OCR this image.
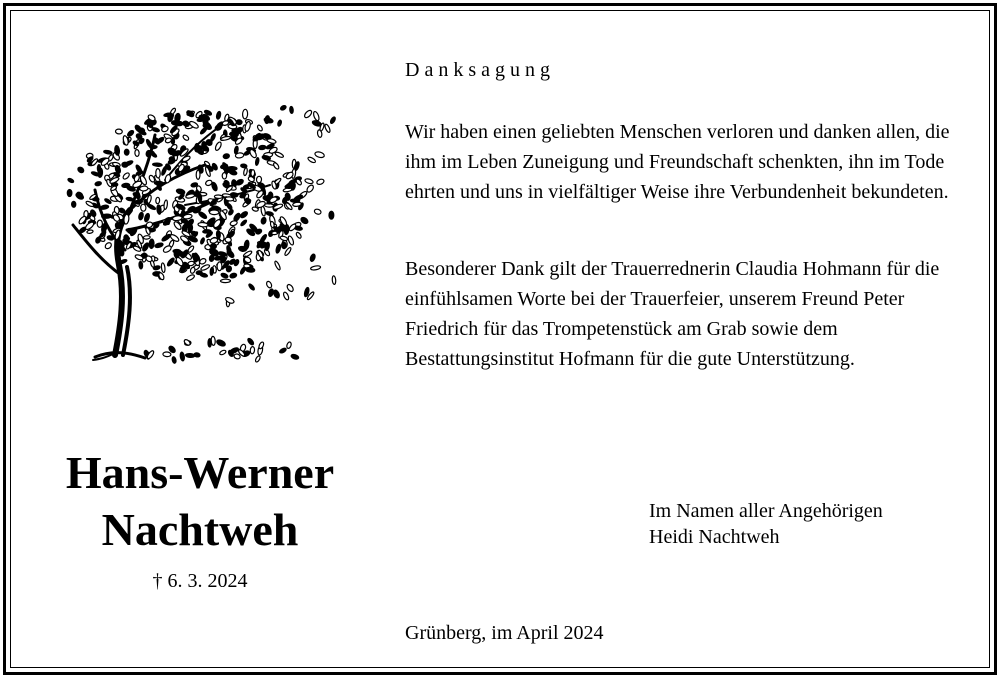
Hans-Werner
Nachtweh
† 6. 3. 2024
Danksagung

Wir haben einen geliebten Menschen verloren und danken allen, die ihm im Leben Zuneigung und Freundschaft schenkten, ihn im Tode ehrten und uns in vielfältiger Weise ihre Verbundenheit bekundeten.

Besonderer Dank gilt der Trauerrednerin Claudia Hohmann für die einfühlsamen Worte bei der Trauerfeier, unserem Freund Peter Friedrich für das Trompetenstück am Grab sowie dem Bestattungsinstitut Hofmann für die gute Unterstützung.

Im Namen aller Angehörigen
Heidi Nachtweh
Grünberg, im April 2024
